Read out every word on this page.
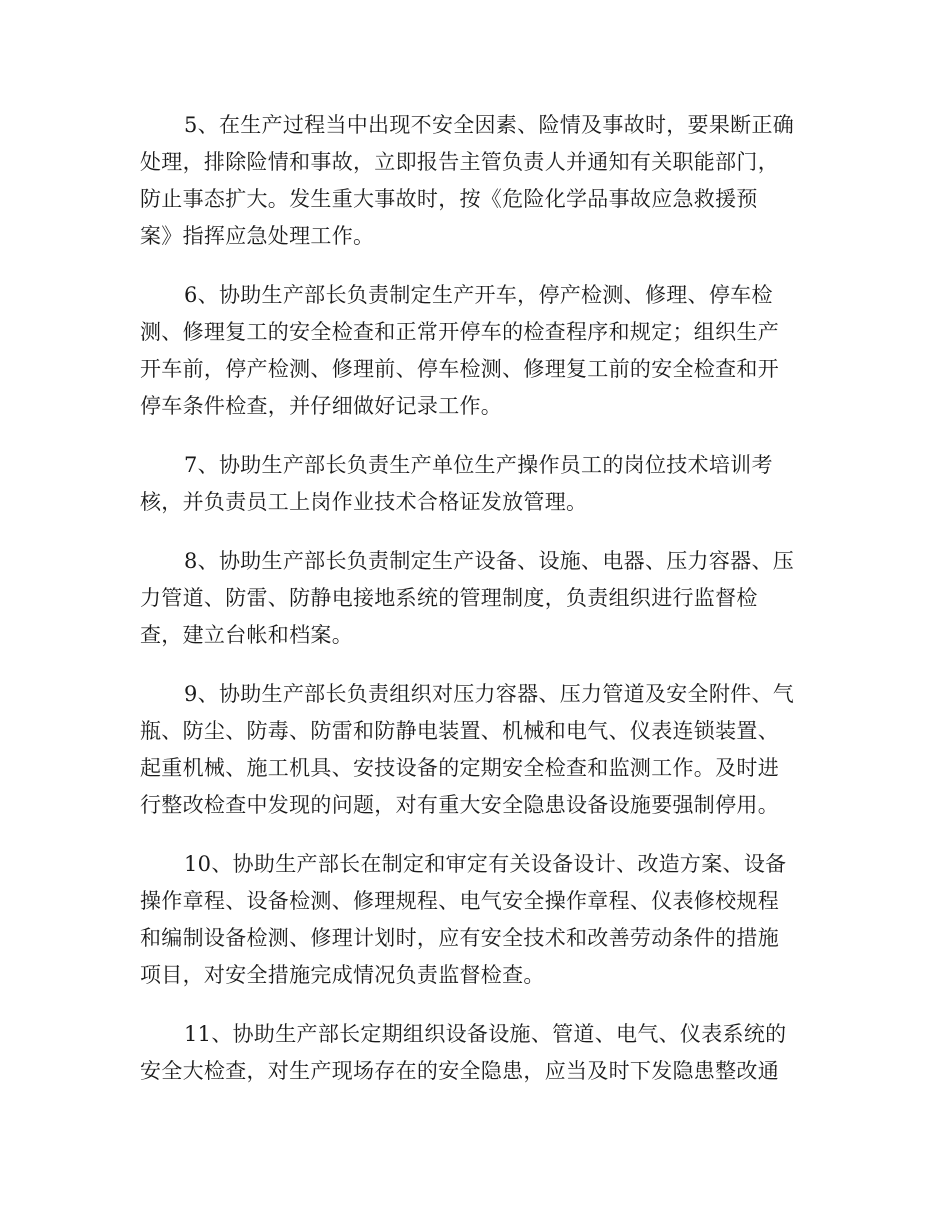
5、在生产过程当中出现不安全因素、险情及事故时，要果断正确
处理，排除险情和事故，立即报告主管负责人并通知有关职能部门，
防止事态扩大。发生重大事故时，按《危险化学品事故应急救援预
案》指挥应急处理工作。

6、协助生产部长负责制定生产开车，停产检测、修理、停车检
测、修理复工的安全检查和正常开停车的检查程序和规定；组织生产
开车前，停产检测、修理前、停车检测、修理复工前的安全检查和开
停车条件检查，并仔细做好记录工作。

7、协助生产部长负责生产单位生产操作员工的岗位技术培训考
核，并负责员工上岗作业技术合格证发放管理。

8、协助生产部长负责制定生产设备、设施、电器、压力容器、压
力管道、防雷、防静电接地系统的管理制度，负责组织进行监督检
查，建立台帐和档案。

9、协助生产部长负责组织对压力容器、压力管道及安全附件、气
瓶、防尘、防毒、防雷和防静电装置、机械和电气、仪表连锁装置、
起重机械、施工机具、安技设备的定期安全检查和监测工作。及时进
行整改检查中发现的问题，对有重大安全隐患设备设施要强制停用。

10、协助生产部长在制定和审定有关设备设计、改造方案、设备
操作章程、设备检测、修理规程、电气安全操作章程、仪表修校规程
和编制设备检测、修理计划时，应有安全技术和改善劳动条件的措施
项目，对安全措施完成情况负责监督检查。

11、协助生产部长定期组织设备设施、管道、电气、仪表系统的
安全大检查，对生产现场存在的安全隐患，应当及时下发隐患整改通
